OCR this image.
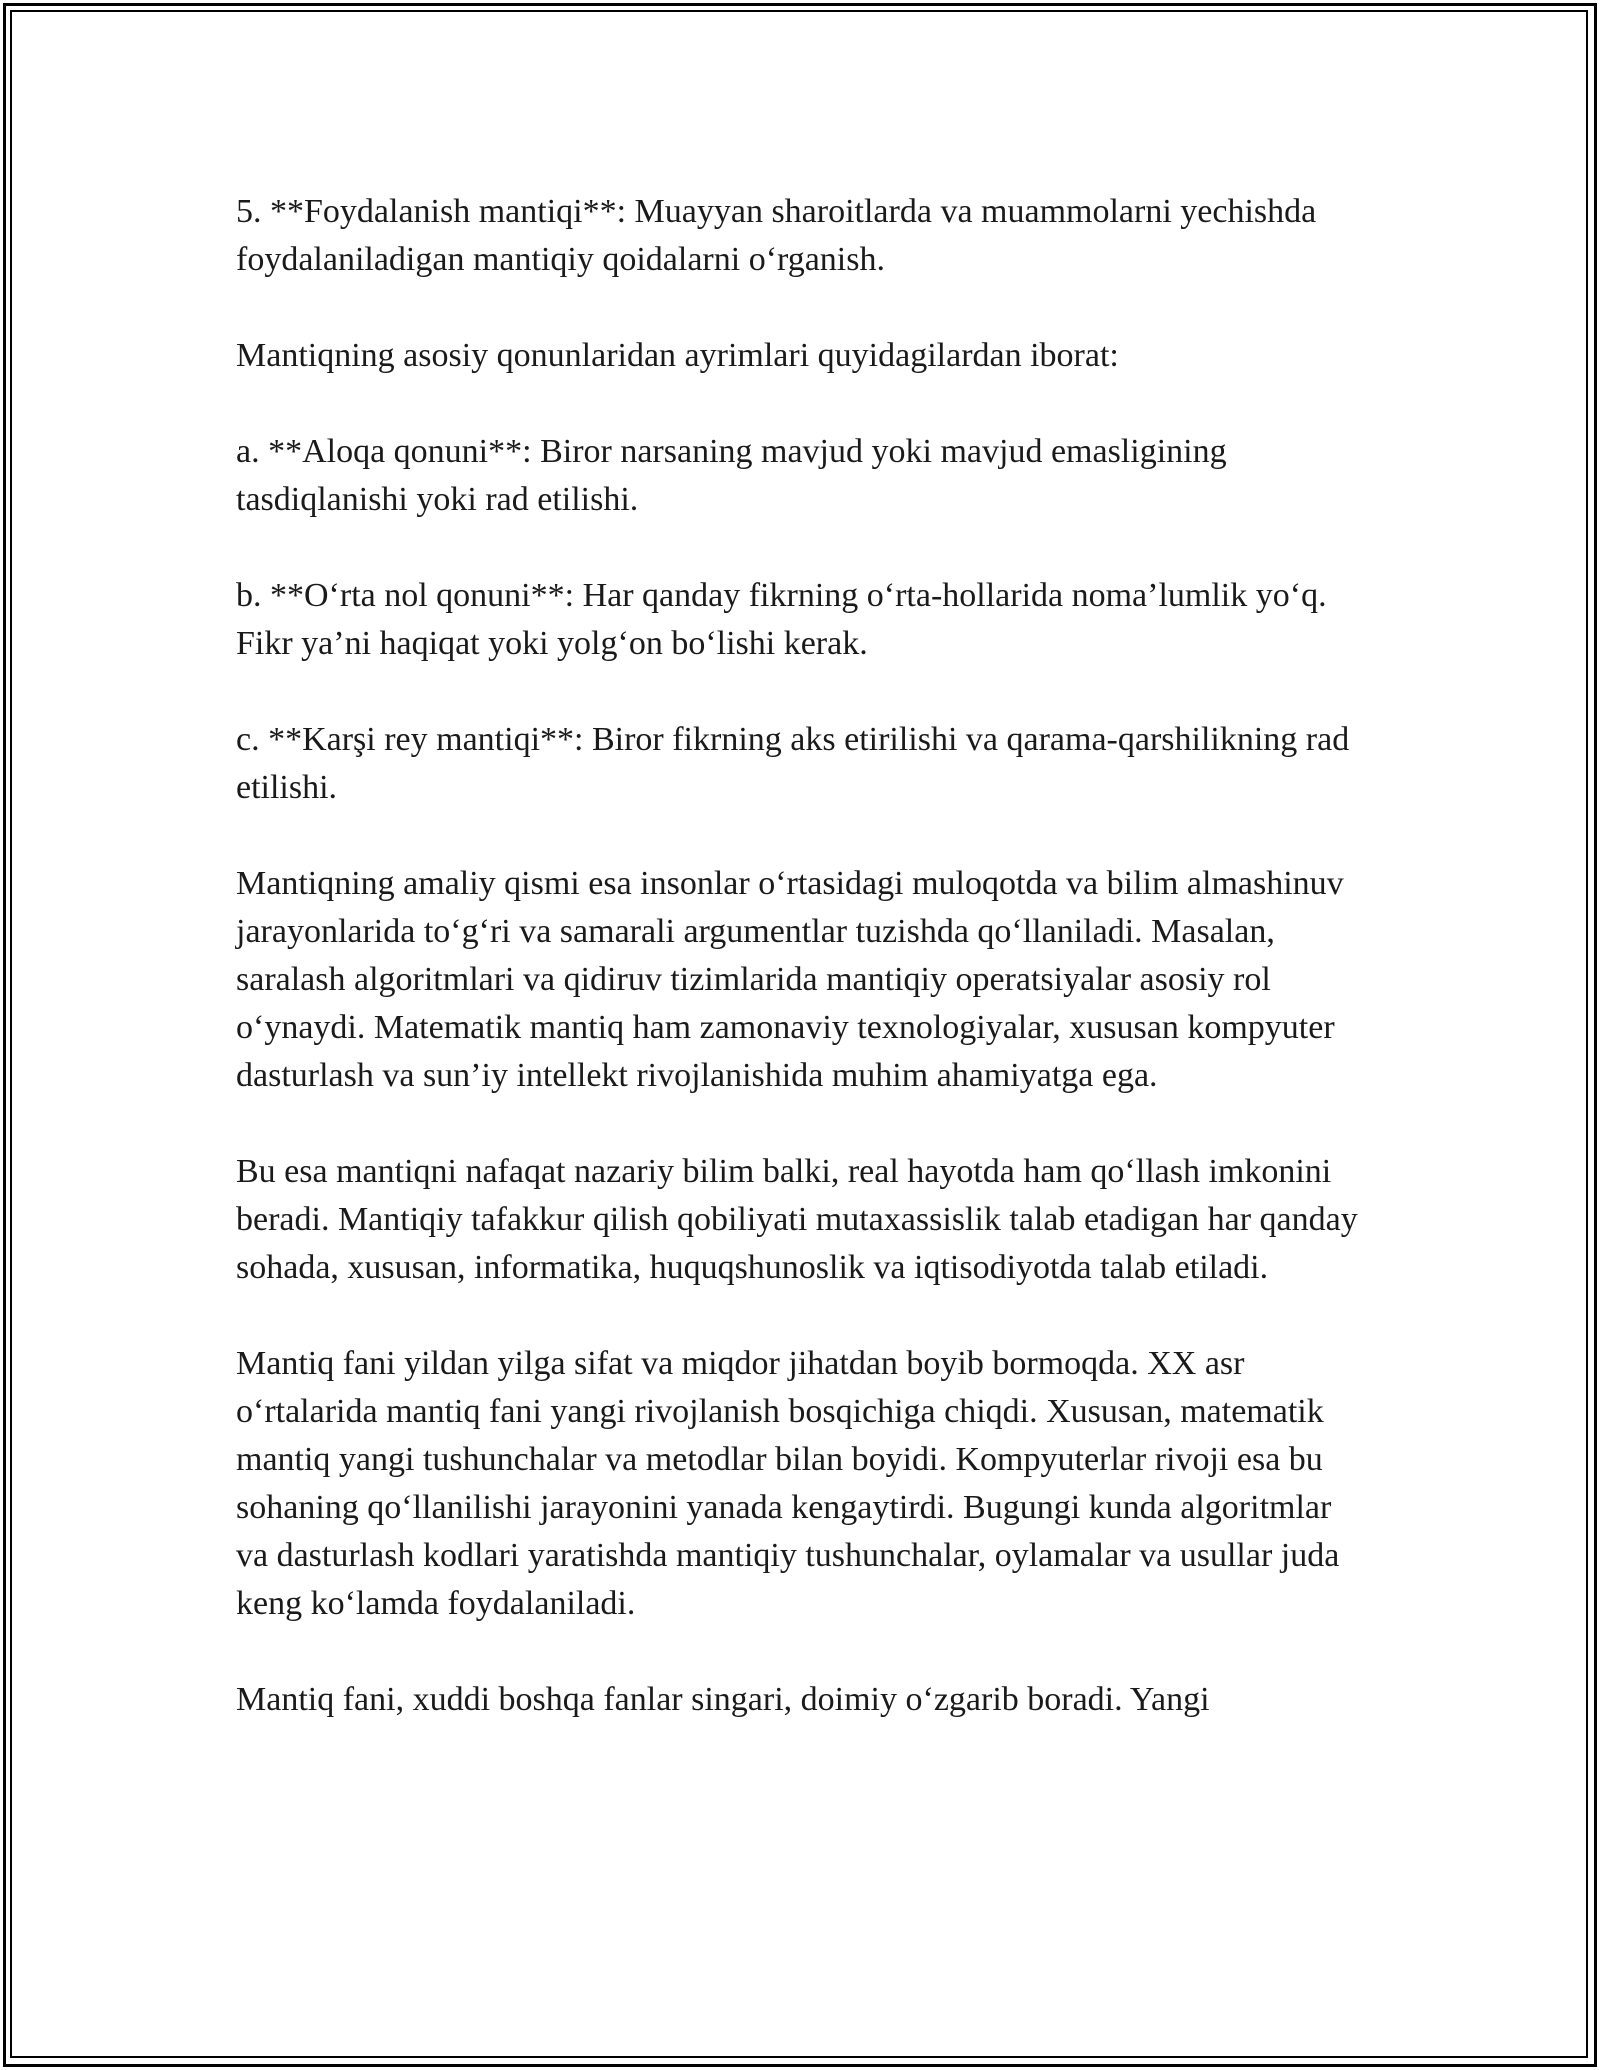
5. **Foydalanish mantiqi**: Muayyan sharoitlarda va muammolarni yechishda foydalaniladigan mantiqiy qoidalarni o‘rganish.

Mantiqning asosiy qonunlaridan ayrimlari quyidagilardan iborat:

a. **Aloqa qonuni**: Biror narsaning mavjud yoki mavjud emasligining tasdiqlanishi yoki rad etilishi.

b. **O‘rta nol qonuni**: Har qanday fikrning o‘rta-hollarida noma’lumlik yo‘q. Fikr ya’ni haqiqat yoki yolg‘on bo‘lishi kerak.

c. **Karşi rey mantiqi**: Biror fikrning aks etirilishi va qarama-qarshilikning rad etilishi.

Mantiqning amaliy qismi esa insonlar o‘rtasidagi muloqotda va bilim almashinuv jarayonlarida to‘g‘ri va samarali argumentlar tuzishda qo‘llaniladi. Masalan, saralash algoritmlari va qidiruv tizimlarida mantiqiy operatsiyalar asosiy rol o‘ynaydi. Matematik mantiq ham zamonaviy texnologiyalar, xususan kompyuter dasturlash va sun’iy intellekt rivojlanishida muhim ahamiyatga ega.

Bu esa mantiqni nafaqat nazariy bilim balki, real hayotda ham qo‘llash imkonini beradi. Mantiqiy tafakkur qilish qobiliyati mutaxassislik talab etadigan har qanday sohada, xususan, informatika, huquqshunoslik va iqtisodiyotda talab etiladi.

Mantiq fani yildan yilga sifat va miqdor jihatdan boyib bormoqda. XX asr o‘rtalarida mantiq fani yangi rivojlanish bosqichiga chiqdi. Xususan, matematik mantiq yangi tushunchalar va metodlar bilan boyidi. Kompyuterlar rivoji esa bu sohaning qo‘llanilishi jarayonini yanada kengaytirdi. Bugungi kunda algoritmlar va dasturlash kodlari yaratishda mantiqiy tushunchalar, oylamalar va usullar juda keng ko‘lamda foydalaniladi.

Mantiq fani, xuddi boshqa fanlar singari, doimiy o‘zgarib boradi. Yangi
